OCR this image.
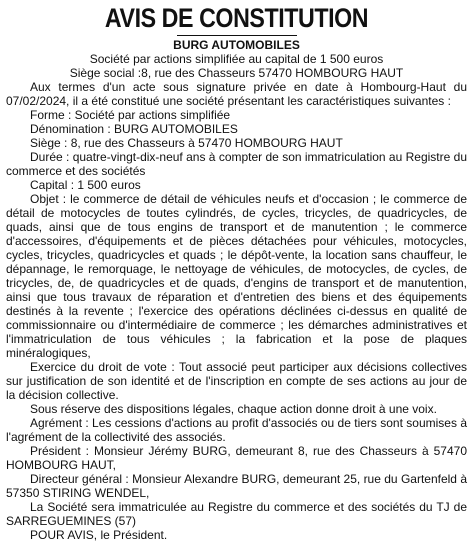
AVIS DE CONSTITUTION
BURG AUTOMOBILES
Société par actions simplifiée au capital de 1 500 euros
Siège social :8, rue des Chasseurs 57470 HOMBOURG HAUT

Aux termes d'un acte sous signature privée en date à Hombourg-Haut du 07/02/2024, il a été constitué une société présentant les caractéristiques suivantes :

Forme : Société par actions simplifiée

Dénomination : BURG AUTOMOBILES

Siège : 8, rue des Chasseurs à 57470 HOMBOURG HAUT

Durée : quatre-vingt-dix-neuf ans à compter de son immatriculation au Registre du commerce et des sociétés

Capital : 1 500 euros

Objet : le commerce de détail de véhicules neufs et d'occasion ; le commerce de détail de motocycles de toutes cylindrés, de cycles, tricycles, de quadricycles, de quads, ainsi que de tous engins de transport et de manutention ; le commerce d'accessoires, d'équipements et de pièces détachées pour véhicules, motocycles, cycles, tricycles, quadricycles et quads ; le dépôt-vente, la location sans chauffeur, le dépannage, le remorquage, le nettoyage de véhicules, de motocycles, de cycles, de tricycles, de, de quadricycles et de quads, d'engins de transport et de manutention, ainsi que tous travaux de réparation et d'entretien des biens et des équipements destinés à la revente ; l'exercice des opérations déclinées ci-dessus en qualité de commissionnaire ou d'intermédiaire de commerce ; les démarches administratives et l'immatriculation de tous véhicules ; la fabrication et la pose de plaques minéralogiques,

Exercice du droit de vote : Tout associé peut participer aux décisions collectives sur justification de son identité et de l'inscription en compte de ses actions au jour de la décision collective.

Sous réserve des dispositions légales, chaque action donne droit à une voix.

Agrément : Les cessions d'actions au profit d'associés ou de tiers sont soumises à l'agrément de la collectivité des associés.

Président : Monsieur Jérémy BURG, demeurant 8, rue des Chasseurs à 57470 HOMBOURG HAUT,

Directeur général : Monsieur Alexandre BURG, demeurant 25, rue du Gartenfeld à 57350 STIRING WENDEL,

La Société sera immatriculée au Registre du commerce et des sociétés du TJ de SARREGUEMINES (57)

POUR AVIS, le Président.
